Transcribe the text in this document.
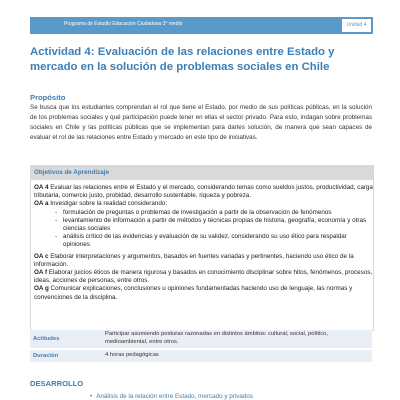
Programa de Estudio Educación Ciudadana 3° medio	Unidad 4
Actividad 4: Evaluación de las relaciones entre Estado y mercado en la solución de problemas sociales en Chile
Propósito
Se busca que los estudiantes comprendan el rol que tiene el Estado, por medio de sus políticas públicas, en la solución de los problemas sociales y qué participación puede tener en ellas el sector privado. Para esto, indagan sobre problemas sociales en Chile y las políticas públicas que se implementan para darles solución, de manera que sean capaces de evaluar el rol de las relaciones entre Estado y mercado en este tipo de iniciativas.
Objetivos de Aprendizaje

OA 4 Evaluar las relaciones entre el Estado y el mercado, considerando temas como sueldos justos, productividad, carga tributaria, comercio justo, probidad, desarrollo sustentable, riqueza y pobreza.

OA a Investigar sobre la realidad considerando:

- formulación de preguntas o problemas de investigación a partir de la observación de fenómenos
- levantamiento de información a partir de métodos y técnicas propias de historia, geografía, economía y otras ciencias sociales
- análisis crítico de las evidencias y evaluación de su validez, considerando su uso ético para respaldar opiniones

OA c Elaborar interpretaciones y argumentos, basados en fuentes variadas y pertinentes, haciendo uso ético de la información.

OA f Elaborar juicios éticos de manera rigurosa y basados en conocimiento disciplinar sobre hitos, fenómenos, procesos, ideas, acciones de personas, entre otros.

OA g Comunicar explicaciones, conclusiones u opiniones fundamentadas haciendo uso de lenguaje, las normas y convenciones de la disciplina.

Actitudes
Participar asumiendo posturas razonadas en distintos ámbitos: cultural, social, político, medioambiental, entre otros.
Duración	4 horas pedagógicas
DESARROLLO
• Análisis de la relación entre Estado, mercado y privados
